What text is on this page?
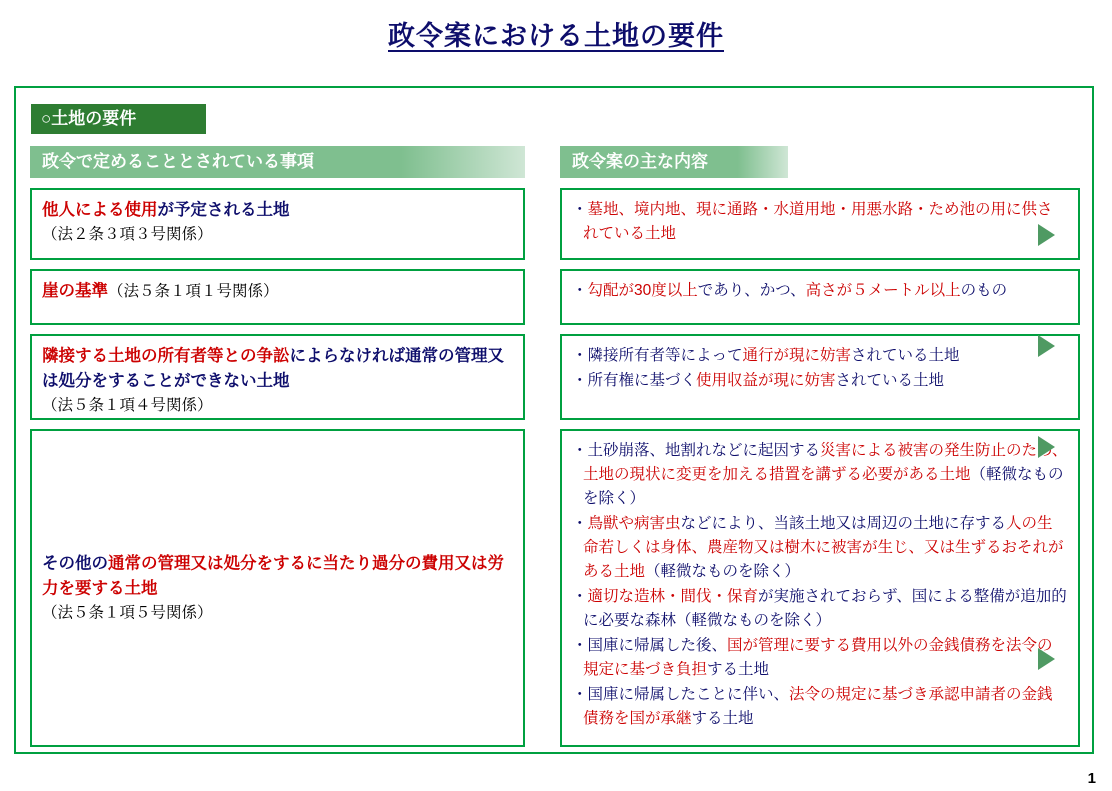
政令案における土地の要件
○土地の要件
政令で定めることとされている事項
他人による使用が予定される土地
（法２条３項３号関係）
崖の基準（法５条１項１号関係）
隣接する土地の所有者等との争訟によらなければ通常の管理又は処分をすることができない土地
（法５条１項４号関係）
その他の通常の管理又は処分をするに当たり過分の費用又は労力を要する土地
（法５条１項５号関係）
政令案の主な内容
・墓地、境内地、現に通路・水道用地・用悪水路・ため池の用に供されている土地
・勾配が30度以上であり、かつ、高さが５メートル以上のもの
・隣接所有者等によって通行が現に妨害されている土地
・所有権に基づく使用収益が現に妨害されている土地
・土砂崩落、地割れなどに起因する災害による被害の発生防止のため、土地の現状に変更を加える措置を講ずる必要がある土地（軽微なものを除く）
・鳥獣や病害虫などにより、当該土地又は周辺の土地に存する人の生命若しくは身体、農産物又は樹木に被害が生じ、又は生ずるおそれがある土地（軽微なものを除く）
・適切な造林・間伐・保育が実施されておらず、国による整備が追加的に必要な森林（軽微なものを除く）
・国庫に帰属した後、国が管理に要する費用以外の金銭債務を法令の規定に基づき負担する土地
・国庫に帰属したことに伴い、法令の規定に基づき承認申請者の金銭債務を国が承継する土地
1
